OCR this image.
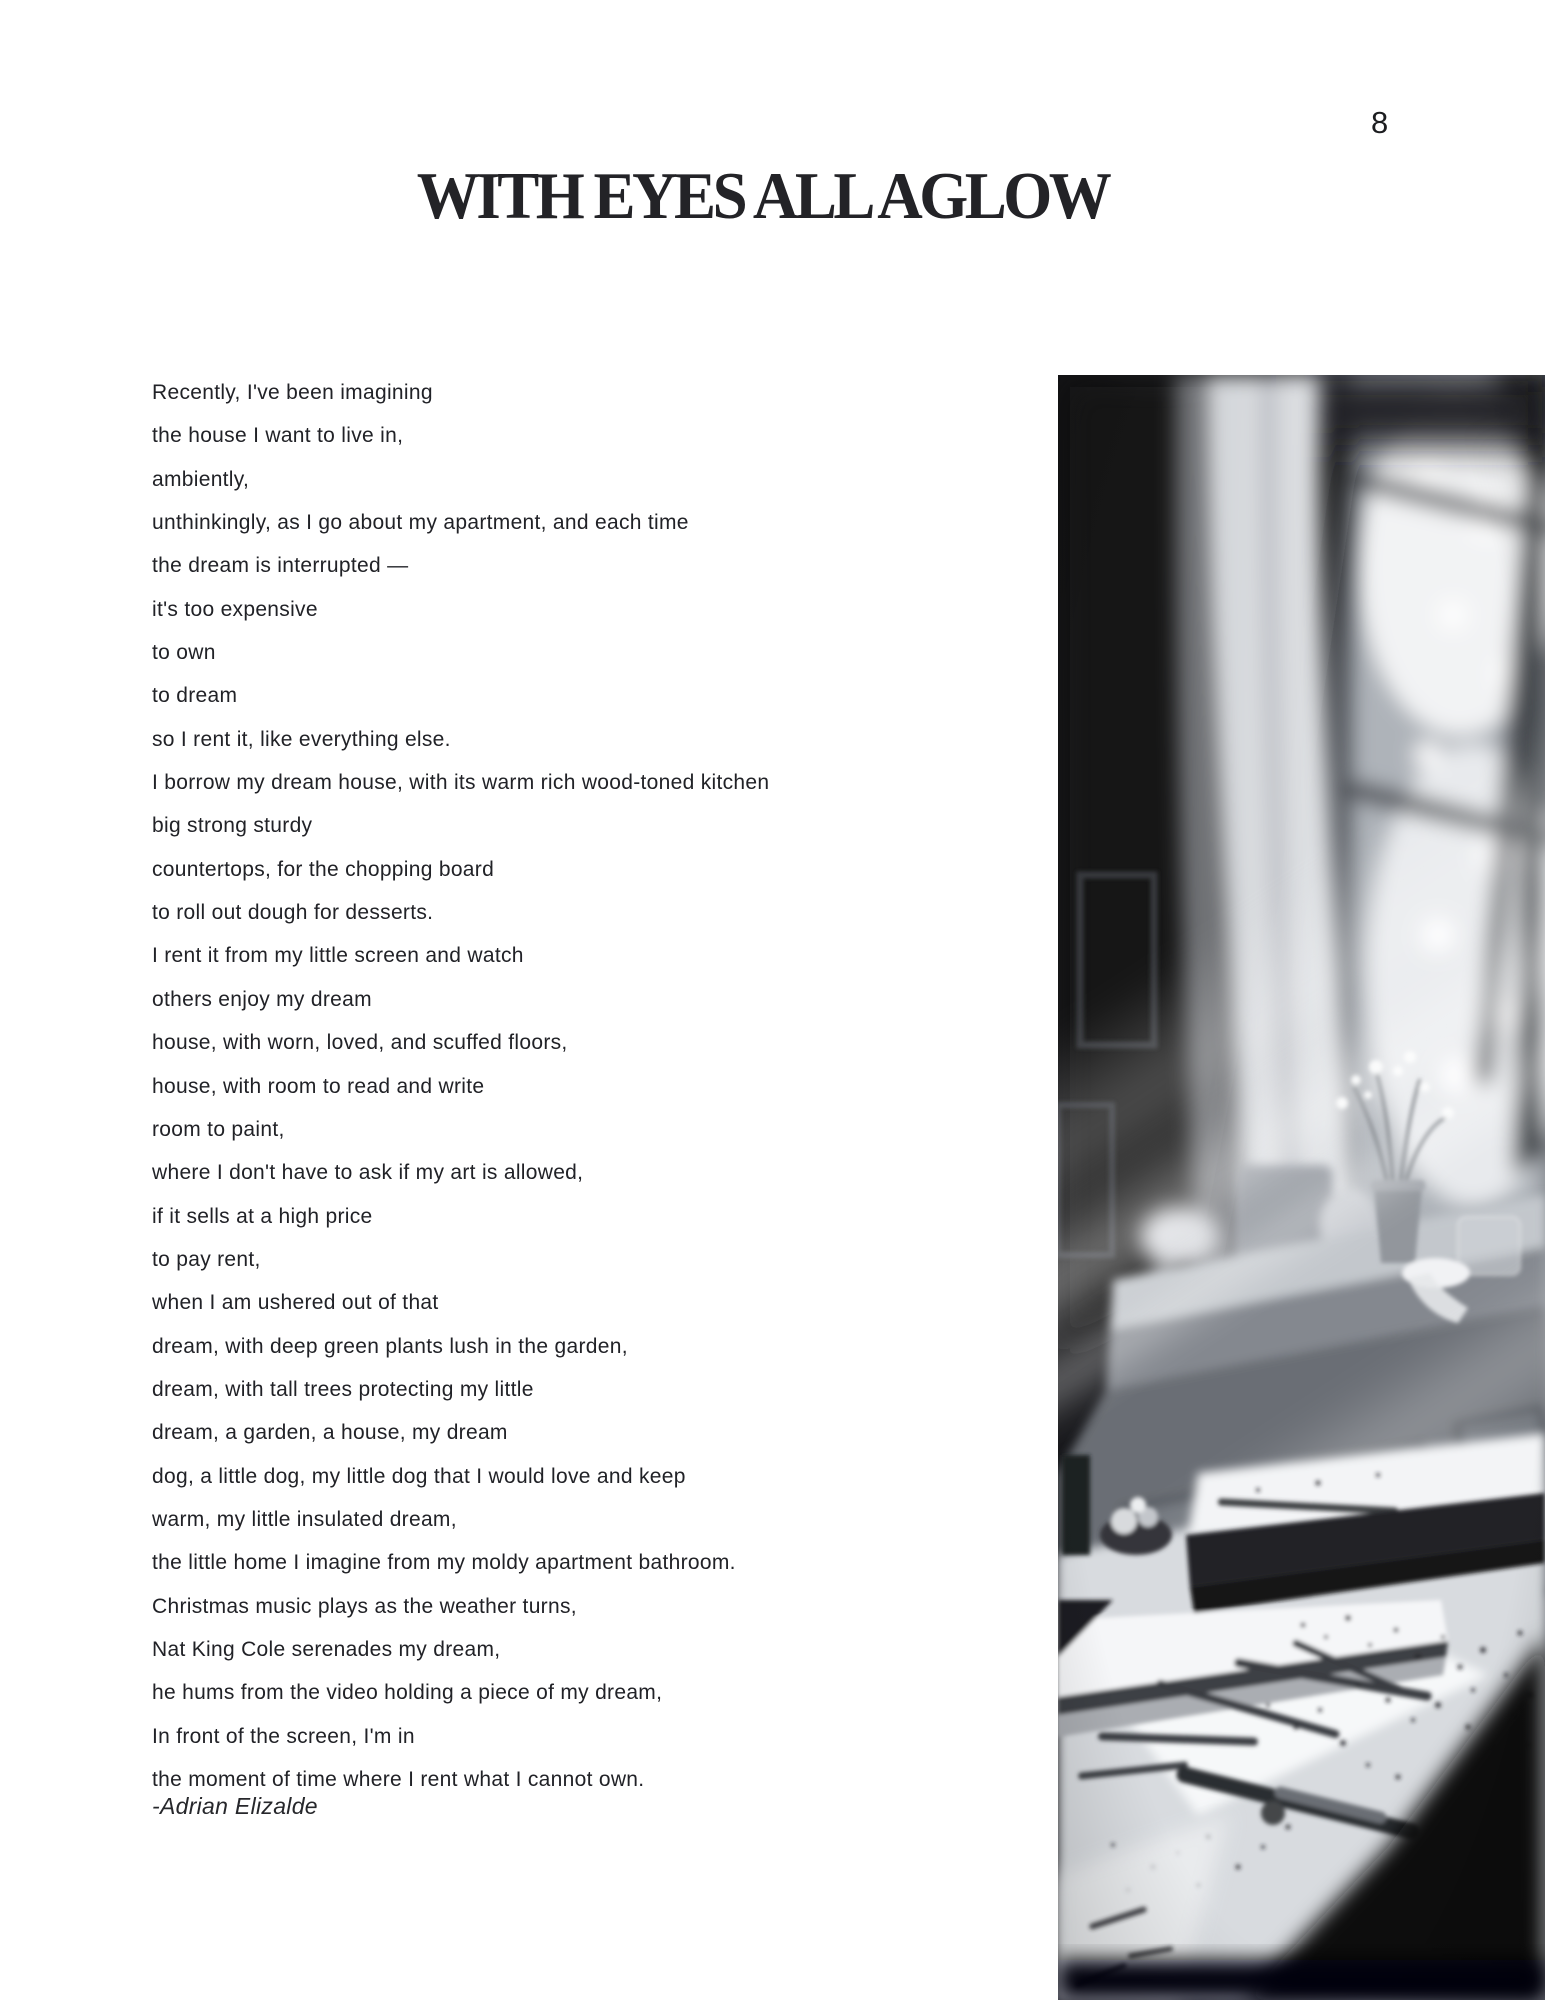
8
WITH EYES ALL AGLOW
Recently, I've been imagining
the house I want to live in,
ambiently,
unthinkingly, as I go about my apartment, and each time
the dream is interrupted —
it's too expensive
to own
to dream
so I rent it, like everything else.
I borrow my dream house, with its warm rich wood-toned kitchen
big strong sturdy
countertops, for the chopping board
to roll out dough for desserts.
I rent it from my little screen and watch
others enjoy my dream
house, with worn, loved, and scuffed floors,
house, with room to read and write
room to paint,
where I don't have to ask if my art is allowed,
if it sells at a high price
to pay rent,
when I am ushered out of that
dream, with deep green plants lush in the garden,
dream, with tall trees protecting my little
dream, a garden, a house, my dream
dog, a little dog, my little dog that I would love and keep
warm, my little insulated dream,
the little home I imagine from my moldy apartment bathroom.
Christmas music plays as the weather turns,
Nat King Cole serenades my dream,
he hums from the video holding a piece of my dream,
In front of the screen, I'm in
the moment of time where I rent what I cannot own.
-Adrian Elizalde
